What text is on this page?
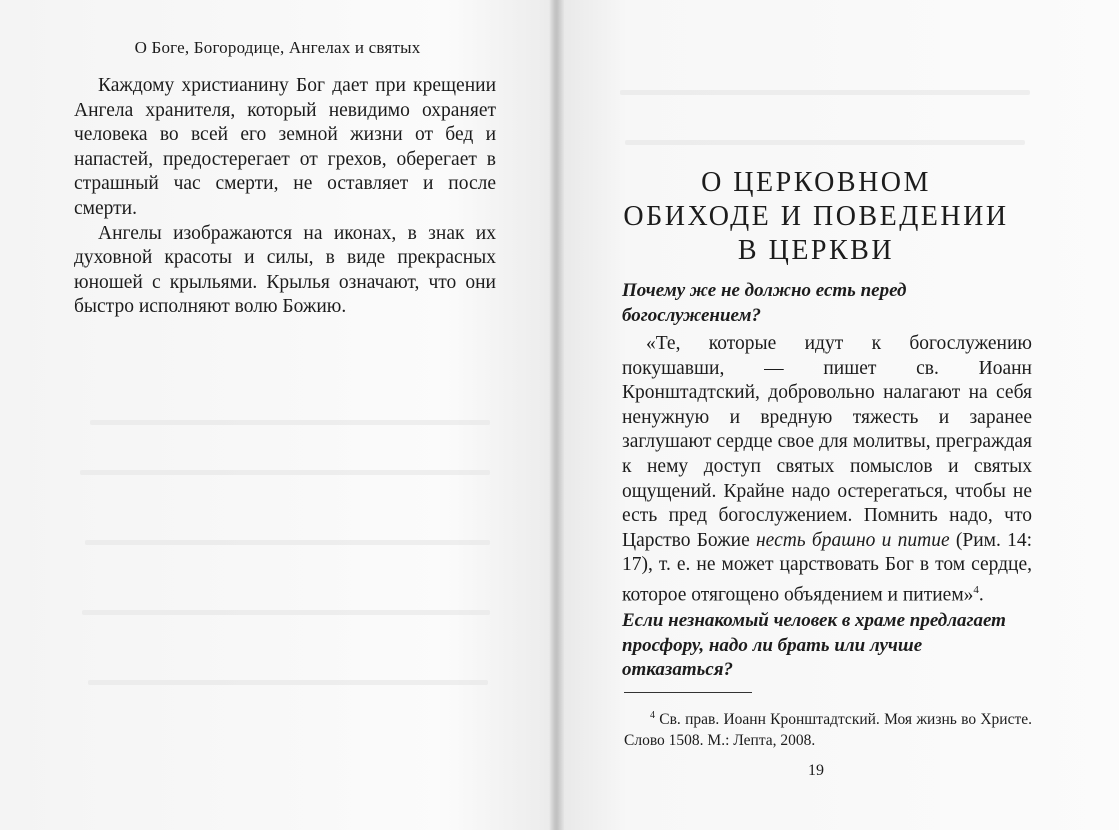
О Боге, Богородице, Ангелах и святых

Каждому христианину Бог дает при крещении Ангела хранителя, который невидимо охраняет человека во всей его земной жизни от бед и напастей, предостерегает от грехов, оберегает в страшный час смерти, не оставляет и после смерти.

Ангелы изображаются на иконах, в знак их духовной красоты и силы, в виде прекрасных юношей с крыльями. Крылья означают, что они быстро исполняют волю Божию.

О ЦЕРКОВНОМ
ОБИХОДЕ И ПОВЕДЕНИИ
В ЦЕРКВИ
Почему же не должно есть перед богослужением?
«Те, которые идут к богослужению покушавши, — пишет св. Иоанн Кронштадтский, добровольно налагают на себя ненужную и вредную тяжесть и заранее заглушают сердце свое для молитвы, преграждая к нему доступ святых помыслов и святых ощущений. Крайне надо остерегаться, чтобы не есть пред богослужением. Помнить надо, что Царство Божие несть брашно и питие (Рим. 14: 17), т. е. не может царствовать Бог в том сердце, которое отягощено объядением и питием»$^4$.
Если незнакомый человек в храме предлагает просфору, надо ли брать или лучше отказаться?
$^4$ Св. прав. Иоанн Кронштадтский. Моя жизнь во Христе. Слово 1508. М.: Лепта, 2008.
19
